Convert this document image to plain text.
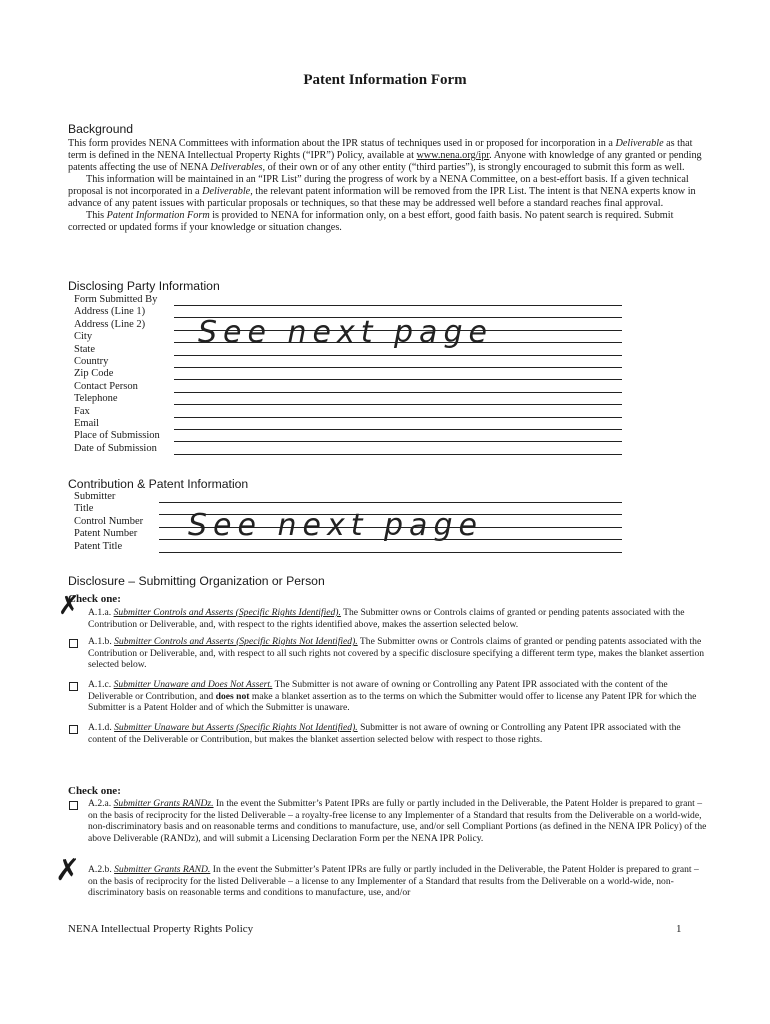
Patent Information Form
Background

This form provides NENA Committees with information about the IPR status of techniques used in or proposed for incorporation in a Deliverable as that term is defined in the NENA Intellectual Property Rights (“IPR”) Policy, available at www.nena.org/ipr. Anyone with knowledge of any granted or pending patents affecting the use of NENA Deliverables, of their own or of any other entity (“third parties”), is strongly encouraged to submit this form as well.

This information will be maintained in an “IPR List” during the progress of work by a NENA Committee, on a best-effort basis. If a given technical proposal is not incorporated in a Deliverable, the relevant patent information will be removed from the IPR List. The intent is that NENA experts know in advance of any patent issues with particular proposals or techniques, so that these may be addressed well before a standard reaches final approval.

This Patent Information Form is provided to NENA for information only, on a best effort, good faith basis. No patent search is required. Submit corrected or updated forms if your knowledge or situation changes.

Disclosing Party Information
Form Submitted By
Address (Line 1)
Address (Line 2)
City
State
Country
Zip Code
Contact Person
Telephone
Fax
Email
Place of Submission
Date of Submission
See next page
Contribution & Patent Information
Submitter
Title
Control Number
Patent Number
Patent Title
See next page
Disclosure – Submitting Organization or Person
Check one:
✗ A.1.a. Submitter Controls and Asserts (Specific Rights Identified). The Submitter owns or Controls claims of granted or pending patents associated with the Contribution or Deliverable, and, with respect to the rights identified above, makes the assertion selected below.
A.1.b. Submitter Controls and Asserts (Specific Rights Not Identified). The Submitter owns or Controls claims of granted or pending patents associated with the Contribution or Deliverable, and, with respect to all such rights not covered by a specific disclosure specifying a different term type, makes the blanket assertion selected below.
A.1.c. Submitter Unaware and Does Not Assert. The Submitter is not aware of owning or Controlling any Patent IPR associated with the content of the Deliverable or Contribution, and does not make a blanket assertion as to the terms on which the Submitter would offer to license any Patent IPR for which the Submitter is a Patent Holder and of which the Submitter is unaware.
A.1.d. Submitter Unaware but Asserts (Specific Rights Not Identified). Submitter is not aware of owning or Controlling any Patent IPR associated with the content of the Deliverable or Contribution, but makes the blanket assertion selected below with respect to those rights.
Check one:
A.2.a. Submitter Grants RANDz. In the event the Submitter’s Patent IPRs are fully or partly included in the Deliverable, the Patent Holder is prepared to grant – on the basis of reciprocity for the listed Deliverable – a royalty-free license to any Implementer of a Standard that results from the Deliverable on a world-wide, non-discriminatory basis and on reasonable terms and conditions to manufacture, use, and/or sell Compliant Portions (as defined in the NENA IPR Policy) of the above Deliverable (RANDz), and will submit a Licensing Declaration Form per the NENA IPR Policy.
✗ A.2.b. Submitter Grants RAND. In the event the Submitter’s Patent IPRs are fully or partly included in the Deliverable, the Patent Holder is prepared to grant – on the basis of reciprocity for the listed Deliverable – a license to any Implementer of a Standard that results from the Deliverable on a world-wide, non- discriminatory basis on reasonable terms and conditions to manufacture, use, and/or
NENA Intellectual Property Rights Policy	1
